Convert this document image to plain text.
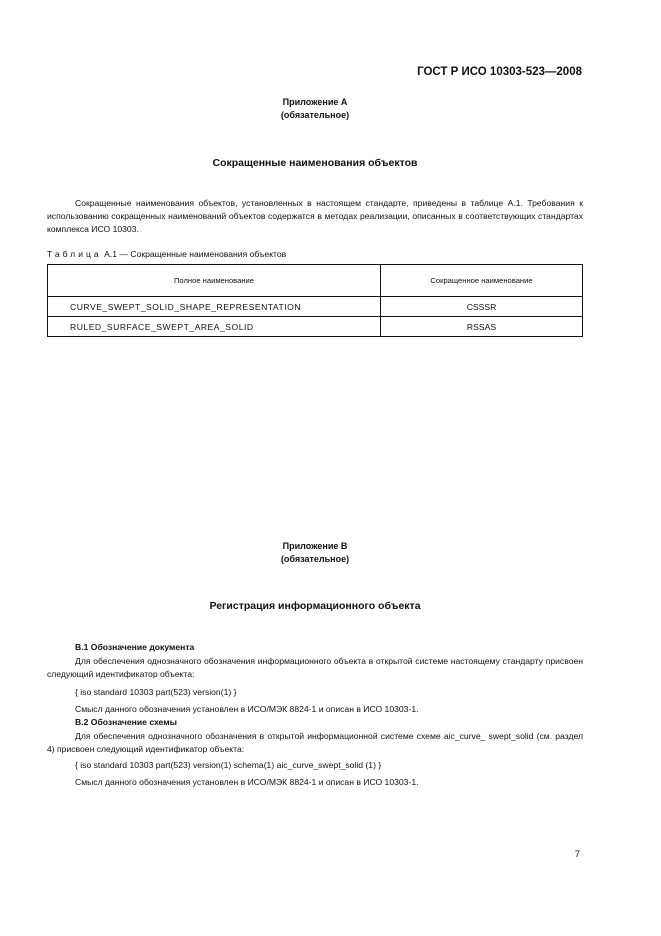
ГОСТ Р ИСО 10303-523—2008
Приложение А
(обязательное)
Сокращенные наименования объектов
Сокращенные наименования объектов, установленных в настоящем стандарте, приведены в таблице А.1. Требования к использованию сокращенных наименований объектов содержатся в методах реализации, описанных в соответствующих стандартах комплекса ИСО 10303.
Таблица А.1 — Сокращенные наименования объектов
Полное наименование	Сокращенное наименование
CURVE_SWEPT_SOLID_SHAPE_REPRESENTATION	CSSSR
RULED_SURFACE_SWEPT_AREA_SOLID	RSSAS
Приложение В
(обязательное)
Регистрация информационного объекта
В.1 Обозначение документа
Для обеспечения однозначного обозначения информационного объекта в открытой системе настоящему стандарту присвоен следующий идентификатор объекта:
{ iso standard 10303 part(523) version(1) }
Смысл данного обозначения установлен в ИСО/МЭК 8824-1 и описан в ИСО 10303-1.
В.2 Обозначение схемы
Для обеспечения однозначного обозначения в открытой информационной системе схеме aic_curve_ swept_solid (см. раздел 4) присвоен следующий идентификатор объекта:
{ iso standard 10303 part(523) version(1) schema(1) aic_curve_swept_solid (1) }
Смысл данного обозначения установлен в ИСО/МЭК 8824-1 и описан в ИСО 10303-1.
7
